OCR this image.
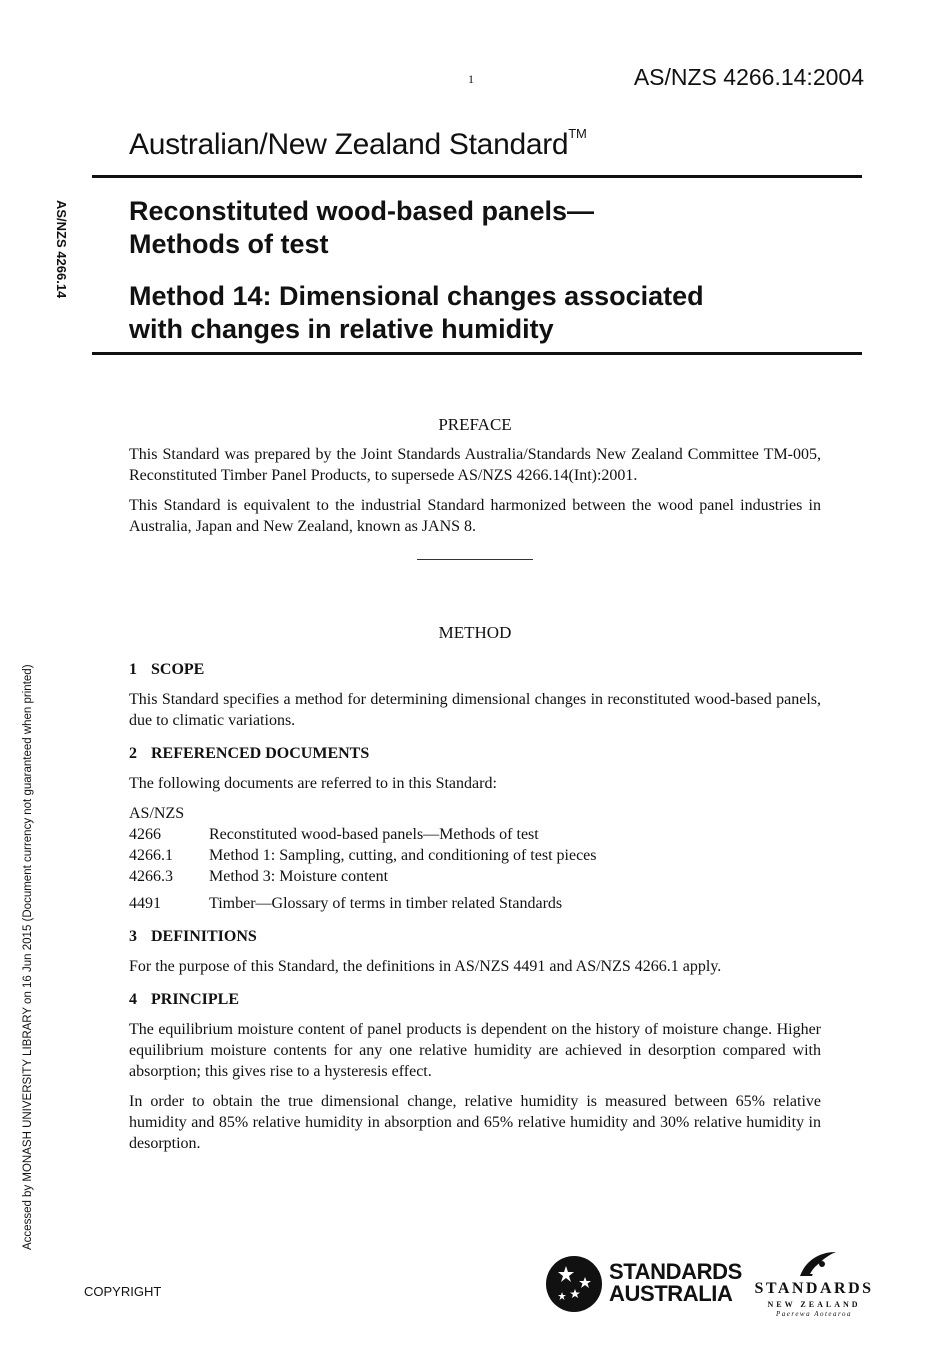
1	AS/NZS 4266.14:2004
Australian/New Zealand Standard™
AS/NZS 4266.14
Accessed by MONASH UNIVERSITY LIBRARY on 16 Jun 2015 (Document currency not guaranteed when printed)
Reconstituted wood-based panels—
Methods of test
Method 14: Dimensional changes associated
with changes in relative humidity
PREFACE

This Standard was prepared by the Joint Standards Australia/Standards New Zealand Committee TM-005, Reconstituted Timber Panel Products, to supersede AS/NZS 4266.14(Int):2001.

This Standard is equivalent to the industrial Standard harmonized between the wood panel industries in Australia, Japan and New Zealand, known as JANS 8.

METHOD
1 SCOPE

This Standard specifies a method for determining dimensional changes in reconstituted wood-based panels, due to climatic variations.

2 REFERENCED DOCUMENTS

The following documents are referred to in this Standard:

AS/NZS
4266	Reconstituted wood-based panels—Methods of test
4266.1	Method 1: Sampling, cutting, and conditioning of test pieces
4266.3	Method 3: Moisture content
4491	Timber—Glossary of terms in timber related Standards
3 DEFINITIONS

For the purpose of this Standard, the definitions in AS/NZS 4491 and AS/NZS 4266.1 apply.

4 PRINCIPLE

The equilibrium moisture content of panel products is dependent on the history of moisture change. Higher equilibrium moisture contents for any one relative humidity are achieved in desorption compared with absorption; this gives rise to a hysteresis effect.

In order to obtain the true dimensional change, relative humidity is measured between 65% relative humidity and 85% relative humidity in absorption and 65% relative humidity and 30% relative humidity in desorption.

COPYRIGHT
STANDARDS
AUSTRALIA	STANDARDS
NEW ZEALAND
Paerewa Aotearoa
